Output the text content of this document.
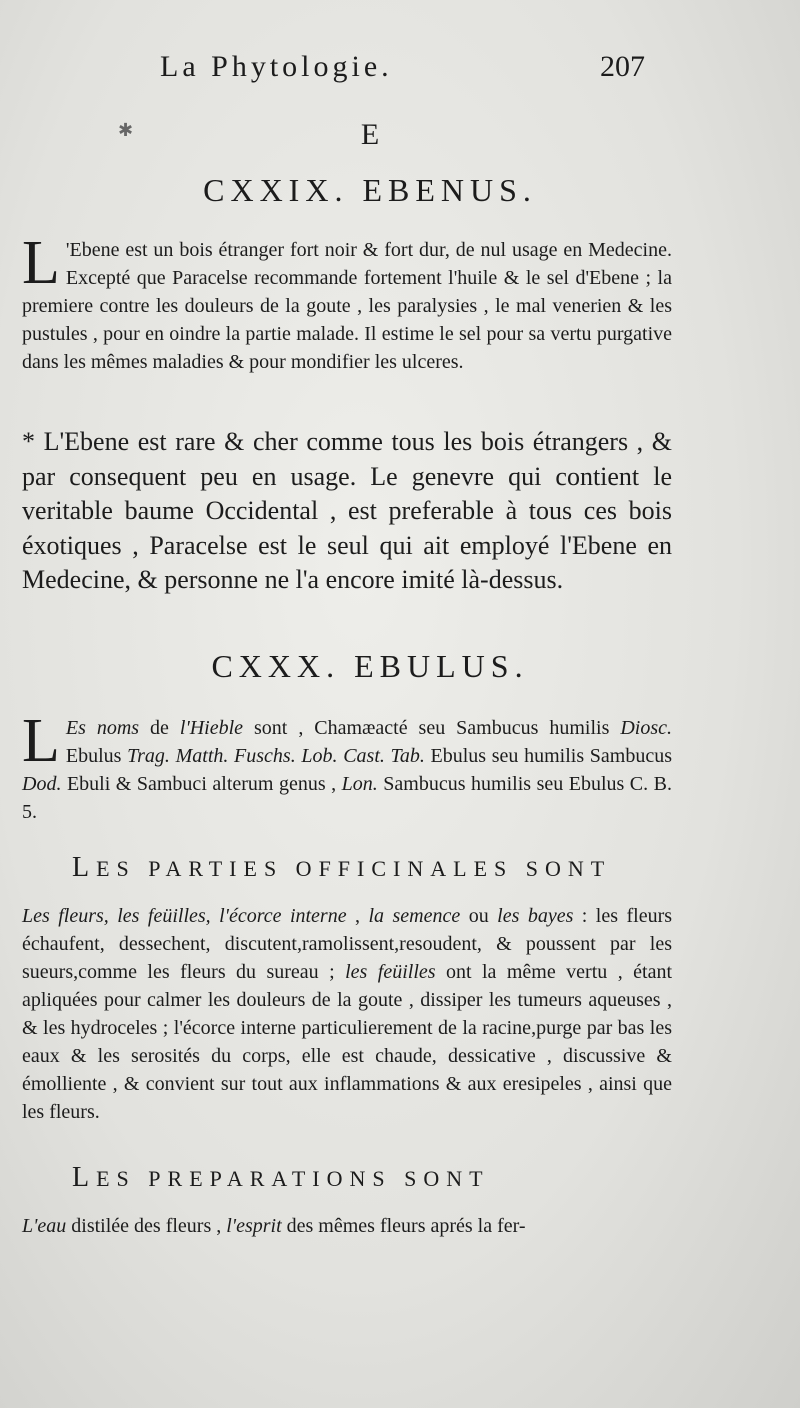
La Phytologie.	207
✱	E
CXXIX. EBENUS.

L 'Ebene est un bois étranger fort noir & fort dur, de nul usage en Medecine. Excepté que Paracelse recommande fortement l'huile & le sel d'Ebene ; la premiere contre les douleurs de la goute , les paralysies , le mal venerien & les pustules , pour en oindre la partie malade. Il estime le sel pour sa vertu purgative dans les mêmes maladies & pour mondifier les ulceres.

* L'Ebene est rare & cher comme tous les bois étrangers , & par consequent peu en usage. Le genevre qui contient le veritable baume Occidental , est preferable à tous ces bois éxotiques , Paracelse est le seul qui ait employé l'Ebene en Medecine, & personne ne l'a encore imité là-dessus.

CXXX. EBULUS.

L Es noms de l'Hieble sont , Chamæacté seu Sambucus humilis Diosc. Ebulus Trag. Matth. Fuschs. Lob. Cast. Tab. Ebulus seu humilis Sambucus Dod. Ebuli & Sambuci alterum genus , Lon. Sambucus humilis seu Ebulus C. B. 5.

LES PARTIES OFFICINALES SONT

Les fleurs, les feüilles, l'écorce interne , la semence ou les bayes : les fleurs échaufent, dessechent, discutent,ramolissent,resoudent, & poussent par les sueurs,comme les fleurs du sureau ; les feüilles ont la même vertu , étant apliquées pour calmer les douleurs de la goute , dissiper les tumeurs aqueuses , & les hydroceles ; l'écorce interne particulierement de la racine,purge par bas les eaux & les serosités du corps, elle est chaude, dessicative , discussive & émolliente , & convient sur tout aux inflammations & aux eresipeles , ainsi que les fleurs.

LES PREPARATIONS SONT

L'eau distilée des fleurs , l'esprit des mêmes fleurs aprés la fer-
